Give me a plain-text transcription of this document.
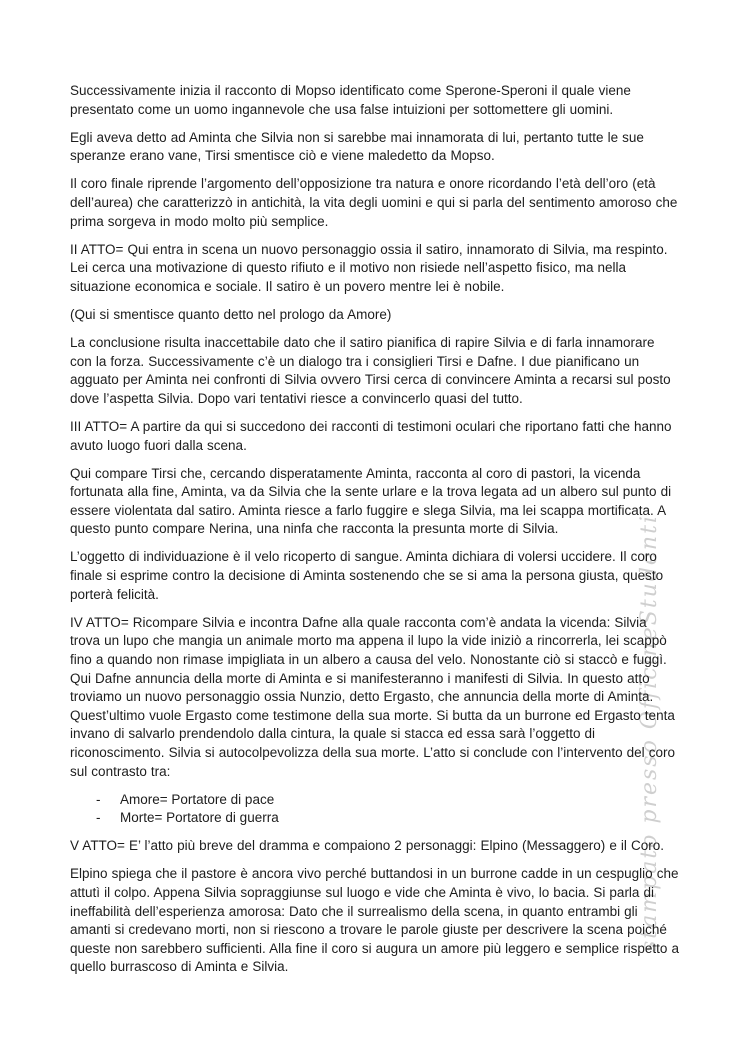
stampato presso OfficineStudenti

Successivamente inizia il racconto di Mopso identificato come Sperone-Speroni il quale viene presentato come un uomo ingannevole che usa false intuizioni per sottomettere gli uomini.

Egli aveva detto ad Aminta che Silvia non si sarebbe mai innamorata di lui, pertanto tutte le sue speranze erano vane, Tirsi smentisce ciò e viene maledetto da Mopso.

Il coro finale riprende l’argomento dell’opposizione tra natura e onore ricordando l’età dell’oro (età dell’aurea) che caratterizzò in antichità, la vita degli uomini e qui si parla del sentimento amoroso che prima sorgeva in modo molto più semplice.

II ATTO= Qui entra in scena un nuovo personaggio ossia il satiro, innamorato di Silvia, ma respinto. Lei cerca una motivazione di questo rifiuto e il motivo non risiede nell’aspetto fisico, ma nella situazione economica e sociale. Il satiro è un povero mentre lei è nobile.

(Qui si smentisce quanto detto nel prologo da Amore)

La conclusione risulta inaccettabile dato che il satiro pianifica di rapire Silvia e di farla innamorare con la forza. Successivamente c’è un dialogo tra i consiglieri Tirsi e Dafne. I due pianificano un agguato per Aminta nei confronti di Silvia ovvero Tirsi cerca di convincere Aminta a recarsi sul posto dove l’aspetta Silvia. Dopo vari tentativi riesce a convincerlo quasi del tutto.

III ATTO= A partire da qui si succedono dei racconti di testimoni oculari che riportano fatti che hanno avuto luogo fuori dalla scena.

Qui compare Tirsi che, cercando disperatamente Aminta, racconta al coro di pastori, la vicenda fortunata alla fine, Aminta, va da Silvia che la sente urlare e la trova legata ad un albero sul punto di essere violentata dal satiro. Aminta riesce a farlo fuggire e slega Silvia, ma lei scappa mortificata. A questo punto compare Nerina, una ninfa che racconta la presunta morte di Silvia.

L’oggetto di individuazione è il velo ricoperto di sangue. Aminta dichiara di volersi uccidere. Il coro finale si esprime contro la decisione di Aminta sostenendo che se si ama la persona giusta, questo porterà felicità.

IV ATTO= Ricompare Silvia e incontra Dafne alla quale racconta com’è andata la vicenda: Silvia trova un lupo che mangia un animale morto ma appena il lupo la vide iniziò a rincorrerla, lei scappò fino a quando non rimase impigliata in un albero a causa del velo. Nonostante ciò si staccò e fuggì. Qui Dafne annuncia della morte di Aminta e si manifesteranno i manifesti di Silvia. In questo atto troviamo un nuovo personaggio ossia Nunzio, detto Ergasto, che annuncia della morte di Aminta. Quest’ultimo vuole Ergasto come testimone della sua morte. Si butta da un burrone ed Ergasto tenta invano di salvarlo prendendolo dalla cintura, la quale si stacca ed essa sarà l’oggetto di riconoscimento. Silvia si autocolpevolizza della sua morte. L’atto si conclude con l’intervento del coro sul contrasto tra:

-	Amore= Portatore di pace
-	Morte= Portatore di guerra

V ATTO= E’ l’atto più breve del dramma e compaiono 2 personaggi: Elpino (Messaggero) e il Coro.

Elpino spiega che il pastore è ancora vivo perché buttandosi in un burrone cadde in un cespuglio che attutì il colpo. Appena Silvia sopraggiunse sul luogo e vide che Aminta è vivo, lo bacia. Si parla di ineffabilità dell’esperienza amorosa: Dato che il surrealismo della scena, in quanto entrambi gli amanti si credevano morti, non si riescono a trovare le parole giuste per descrivere la scena poiché queste non sarebbero sufficienti. Alla fine il coro si augura un amore più leggero e semplice rispetto a quello burrascoso di Aminta e Silvia.
